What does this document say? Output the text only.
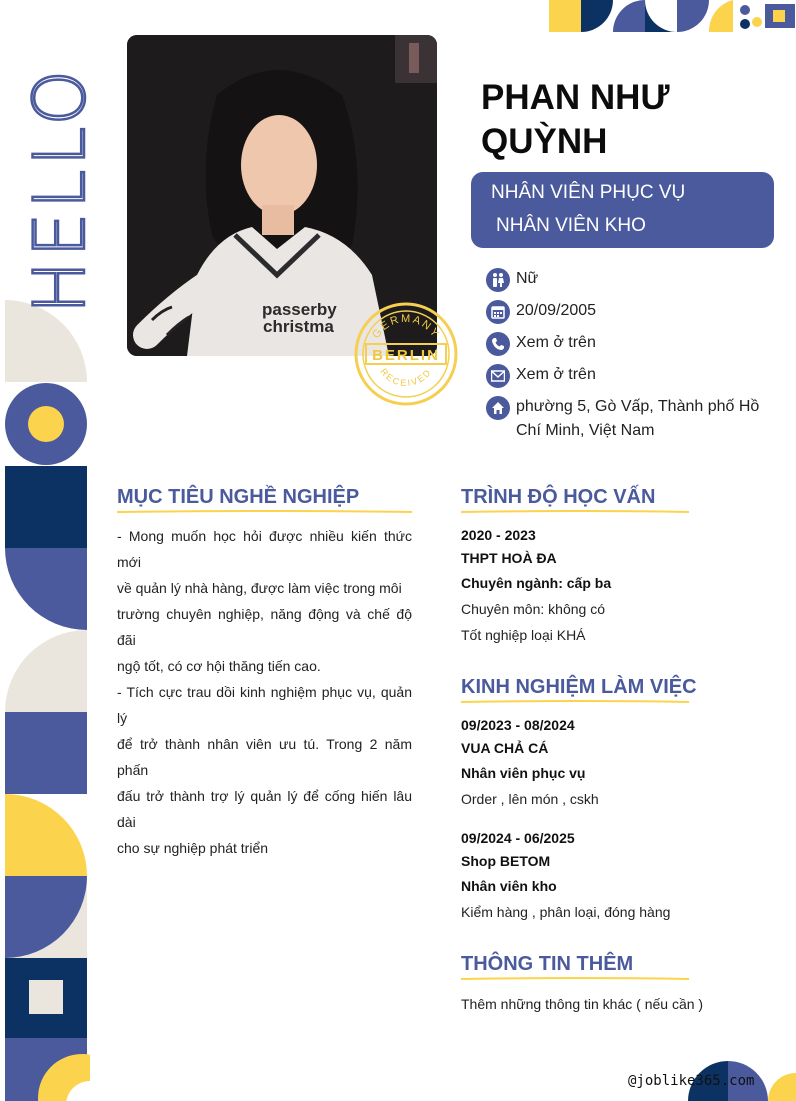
HELLO	passerby
christma	GERMANY
BERLIN
RECEIVED
PHAN NHƯ QUỲNH
NHÂN VIÊN PHỤC VỤ
NHÂN VIÊN KHO
Nữ
20/09/2005
Xem ở trên
Xem ở trên
phường 5, Gò Vấp, Thành phố Hồ
Chí Minh, Việt Nam
MỤC TIÊU NGHỀ NGHIỆP
- Mong muốn học hỏi được nhiều kiến thức mới
về quản lý nhà hàng, được làm việc trong môi
trường chuyên nghiệp, năng động và chế độ đãi
ngộ tốt, có cơ hội thăng tiến cao.
- Tích cực trau dồi kinh nghiệm phục vụ, quản lý
để trở thành nhân viên ưu tú. Trong 2 năm phấn
đấu trở thành trợ lý quản lý để cống hiến lâu dài
cho sự nghiệp phát triển
TRÌNH ĐỘ HỌC VẤN
2020 - 2023
THPT HOÀ ĐA
Chuyên ngành: cấp ba
Chuyên môn: không có
Tốt nghiệp loại KHÁ
KINH NGHIỆM LÀM VIỆC
09/2023 - 08/2024
VUA CHẢ CÁ
Nhân viên phục vụ
Order , lên món , cskh
09/2024 - 06/2025
Shop BETOM
Nhân viên kho
Kiểm hàng , phân loại, đóng hàng
THÔNG TIN THÊM
Thêm những thông tin khác ( nếu cần )
@joblike365.com
